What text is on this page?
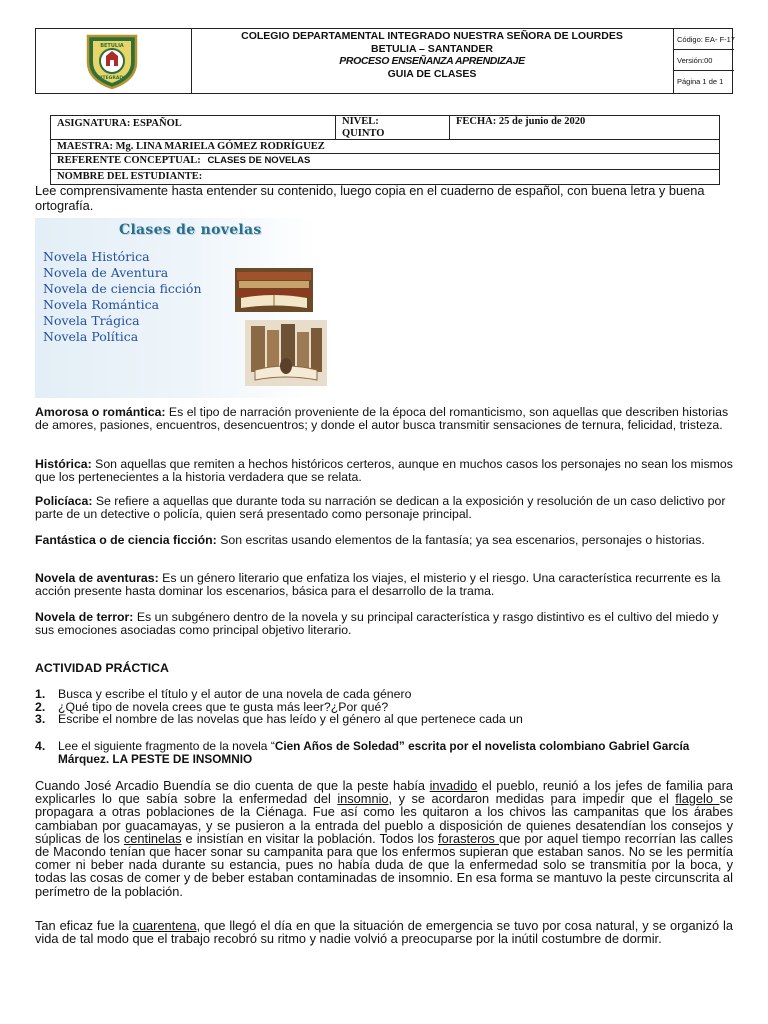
BETULIA
INTEGRADO
COLEGIO DEPARTAMENTAL INTEGRADO NUESTRA SEÑORA DE LOURDES
BETULIA – SANTANDER
PROCESO ENSEÑANZA APRENDIZAJE
GUIA DE CLASES
Código: EA- F-17
Versión:00
Página 1 de 1
ASIGNATURA: ESPAÑOL	NIVEL:
QUINTO
FECHA: 25 de junio de 2020
MAESTRA: Mg. LINA MARIELA GÓMEZ RODRÍGUEZ
REFERENTE CONCEPTUAL: CLASES DE NOVELAS
NOMBRE DEL ESTUDIANTE:
Lee comprensivamente hasta entender su contenido, luego copia en el cuaderno de español, con buena letra y buena ortografía.
Clases de novelas
Novela Histórica
Novela de Aventura
Novela de ciencia ficción
Novela Romántica
Novela Trágica
Novela Política
Amorosa o romántica: Es el tipo de narración proveniente de la época del romanticismo, son aquellas que describen historias de amores, pasiones, encuentros, desencuentros; y donde el autor busca transmitir sensaciones de ternura, felicidad, tristeza.
Histórica: Son aquellas que remiten a hechos históricos certeros, aunque en muchos casos los personajes no sean los mismos que los pertenecientes a la historia verdadera que se relata.
Policíaca: Se refiere a aquellas que durante toda su narración se dedican a la exposición y resolución de un caso delictivo por parte de un detective o policía, quien será presentado como personaje principal.
Fantástica o de ciencia ficción: Son escritas usando elementos de la fantasía; ya sea escenarios, personajes o historias.
Novela de aventuras: Es un género literario que enfatiza los viajes, el misterio y el riesgo. Una característica recurrente es la acción presente hasta dominar los escenarios, básica para el desarrollo de la trama.
Novela de terror: Es un subgénero dentro de la novela y su principal característica y rasgo distintivo es el cultivo del miedo y sus emociones asociadas como principal objetivo literario.
ACTIVIDAD PRÁCTICA
1. Busca y escribe el título y el autor de una novela de cada género
2. ¿Qué tipo de novela crees que te gusta más leer?¿Por qué?
3. Escribe el nombre de las novelas que has leído y el género al que pertenece cada un
4. Lee el siguiente fragmento de la novela “Cien Años de Soledad” escrita por el novelista colombiano Gabriel García Márquez. LA PESTE DE INSOMNIO
Cuando José Arcadio Buendía se dio cuenta de que la peste había invadido el pueblo, reunió a los jefes de familia para explicarles lo que sabía sobre la enfermedad del insomnio, y se acordaron medidas para impedir que el flagelo se propagara a otras poblaciones de la Ciénaga. Fue así como les quitaron a los chivos las campanitas que los árabes cambiaban por guacamayas, y se pusieron a la entrada del pueblo a disposición de quienes desatendían los consejos y súplicas de los centinelas e insistían en visitar la población. Todos los forasteros que por aquel tiempo recorrían las calles de Macondo tenían que hacer sonar su campanita para que los enfermos supieran que estaban sanos. No se les permitía comer ni beber nada durante su estancia, pues no había duda de que la enfermedad solo se transmitía por la boca, y todas las cosas de comer y de beber estaban contaminadas de insomnio. En esa forma se mantuvo la peste circunscrita al perímetro de la población.
Tan eficaz fue la cuarentena, que llegó el día en que la situación de emergencia se tuvo por cosa natural, y se organizó la vida de tal modo que el trabajo recobró su ritmo y nadie volvió a preocuparse por la inútil costumbre de dormir.
